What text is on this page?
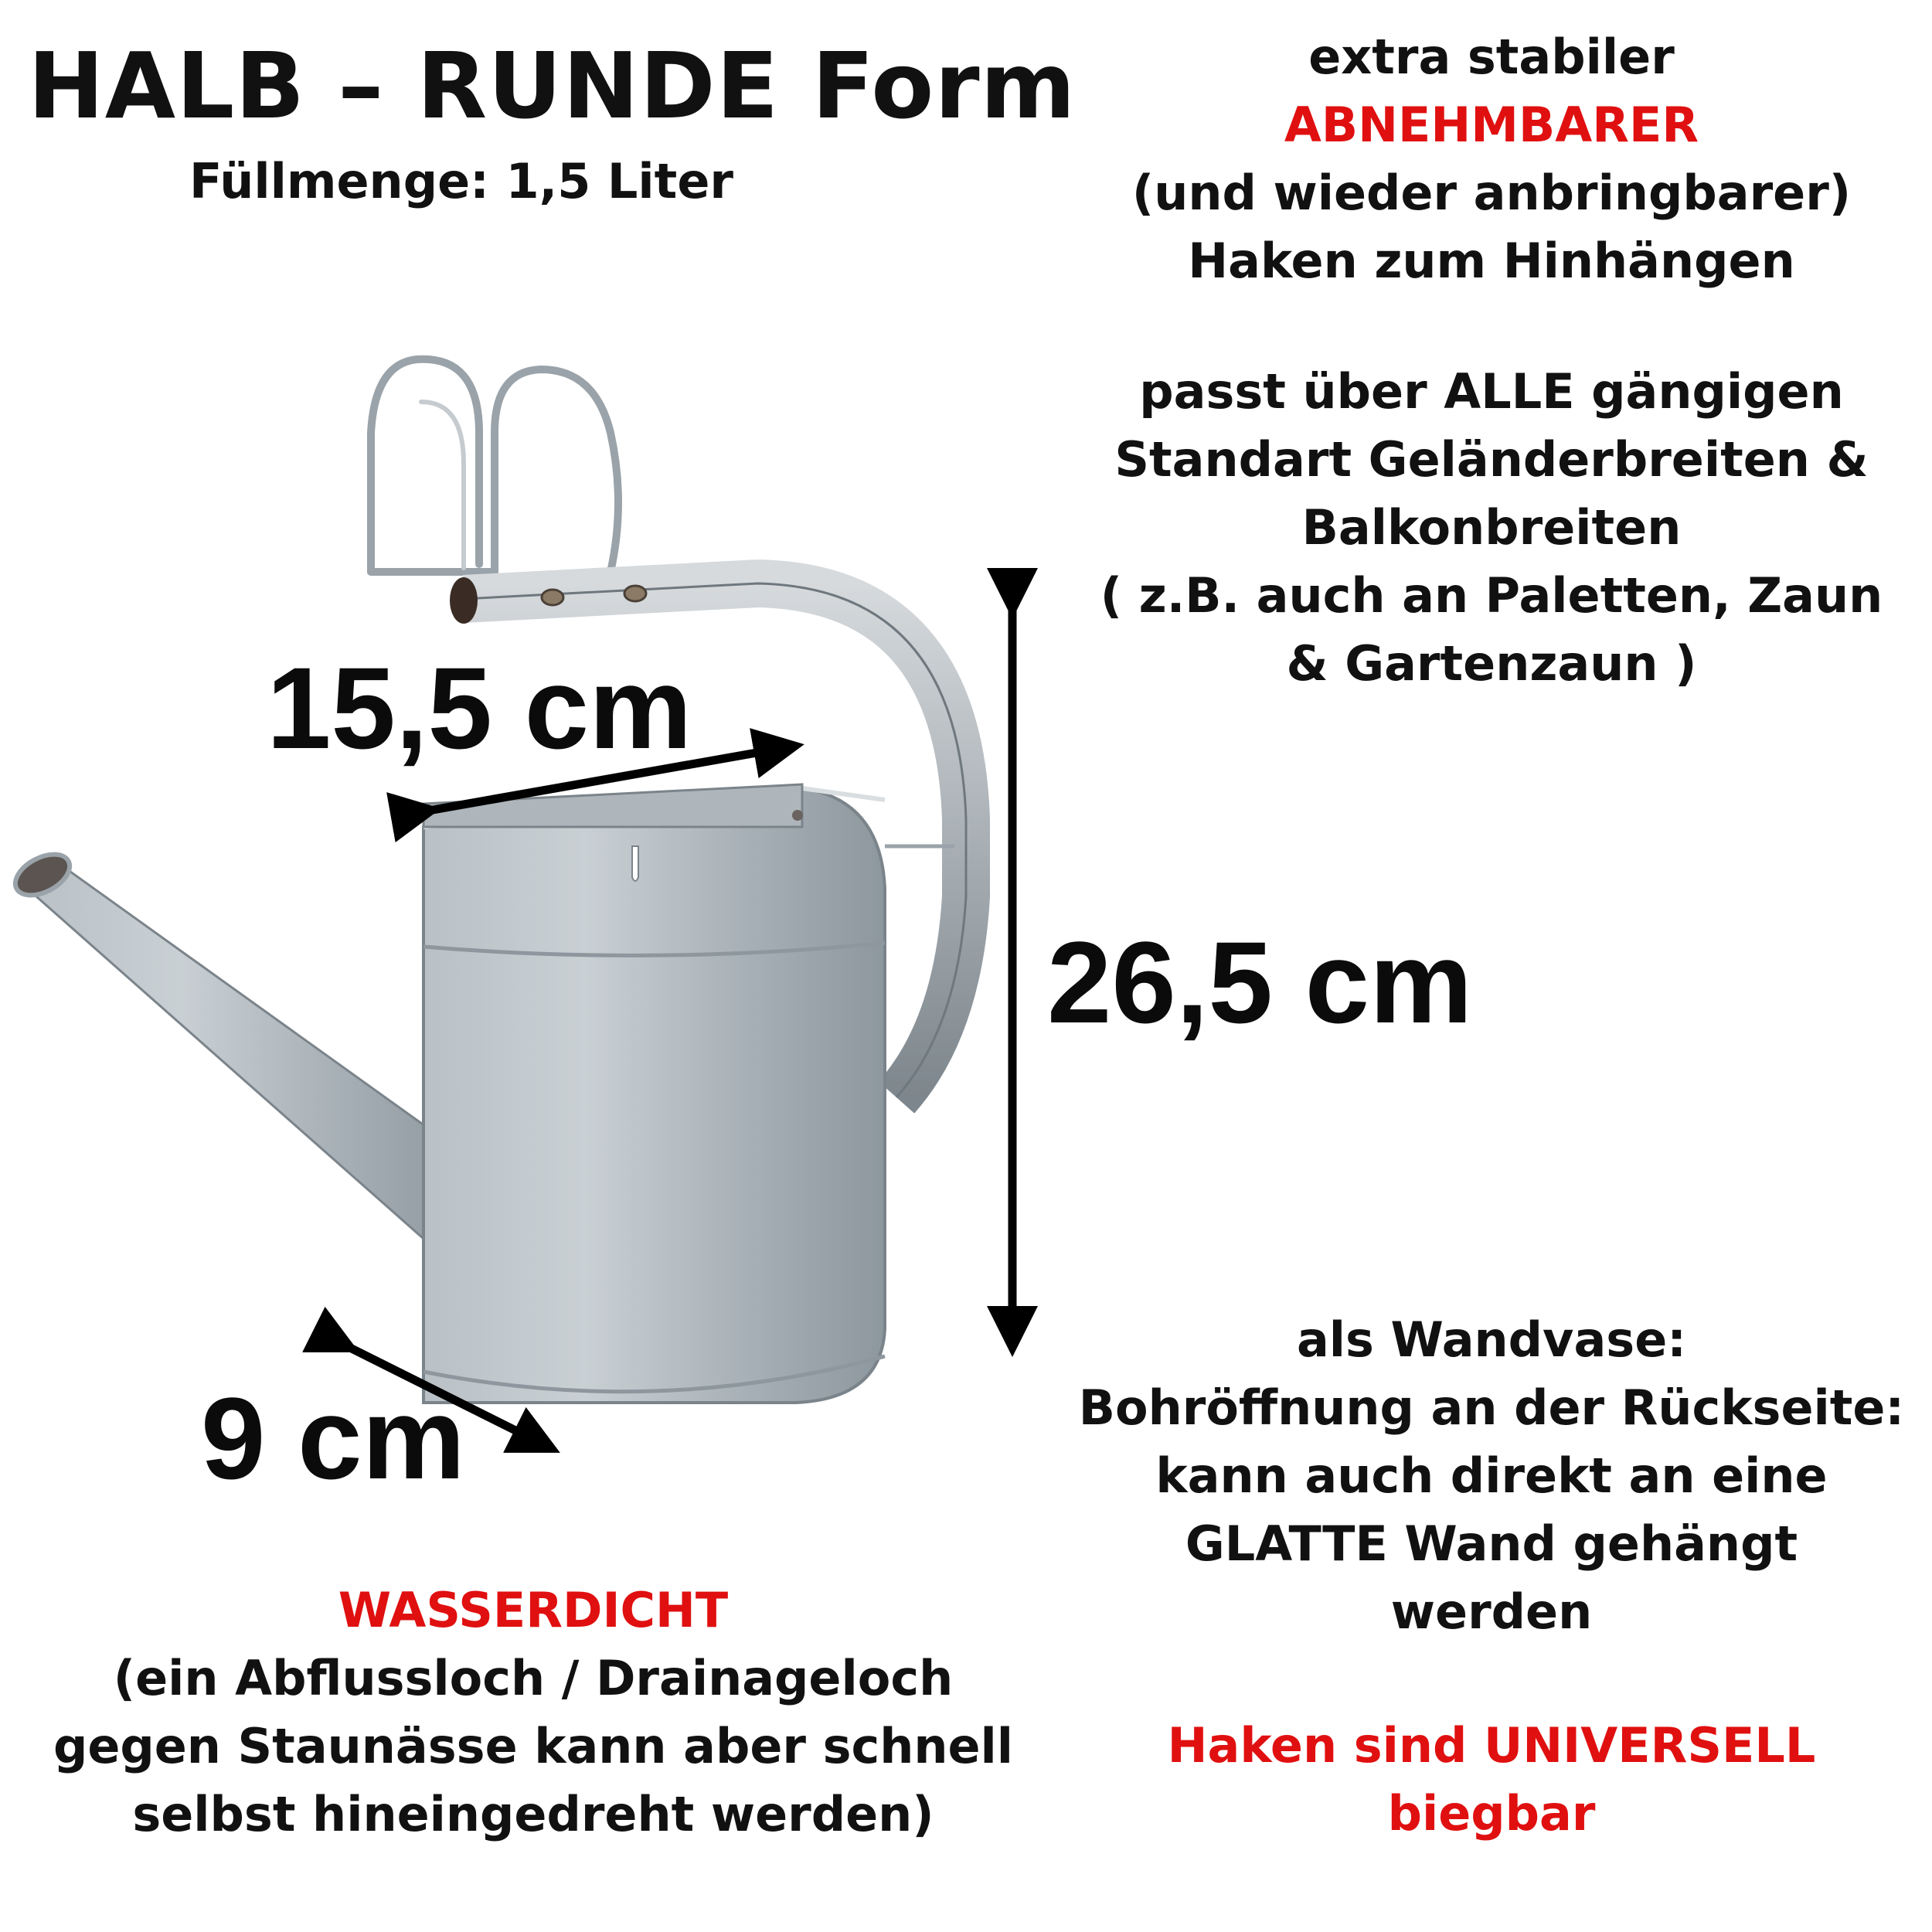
HALB – RUNDE Form
Füllmenge: 1,5 Liter
extra stabiler
ABNEHMBARER
(und wieder anbringbarer)
Haken zum Hinhängen
passt über ALLE gängigen
Standart Geländerbreiten &
Balkonbreiten
( z.B. auch an Paletten, Zaun
& Gartenzaun )
15,5 cm
26,5 cm
9 cm
als Wandvase:
Bohröffnung an der Rückseite:
kann auch direkt an eine
GLATTE Wand gehängt
werden
Haken sind UNIVERSELL
biegbar
WASSERDICHT
(ein Abflussloch / Drainageloch
gegen Staunässe kann aber schnell
selbst hineingedreht werden)
